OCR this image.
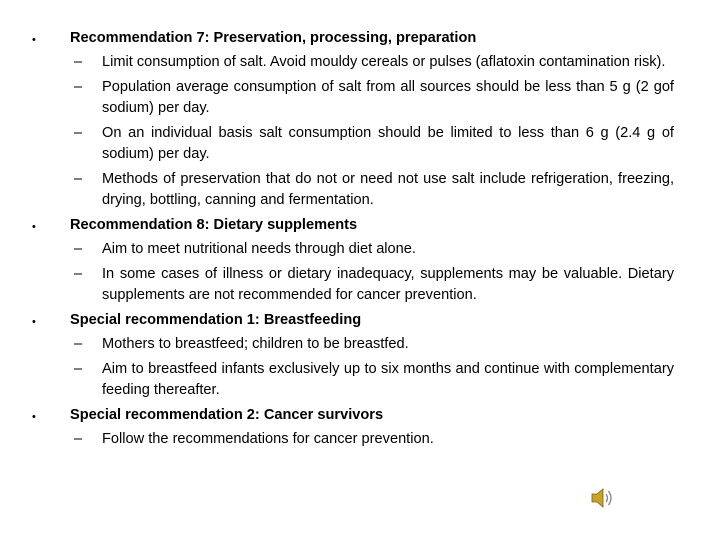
• Recommendation 7: Preservation, processing, preparation

– Limit consumption of salt. Avoid mouldy cereals or pulses (aflatoxin contamination risk).
– Population average consumption of salt from all sources should be less than 5 g (2 gof sodium) per day.
– On an individual basis salt consumption should be limited to less than 6 g (2.4 g of sodium) per day.
– Methods of preservation that do not or need not use salt include refrigeration, freezing, drying, bottling, canning and fermentation.
• Recommendation 8: Dietary supplements

– Aim to meet nutritional needs through diet alone.
– In some cases of illness or dietary inadequacy, supplements may be valuable. Dietary supplements are not recommended for cancer prevention.
• Special recommendation 1: Breastfeeding

– Mothers to breastfeed; children to be breastfed.
– Aim to breastfeed infants exclusively up to six months and continue with complementary feeding thereafter.
• Special recommendation 2: Cancer survivors

– Follow the recommendations for cancer prevention.
